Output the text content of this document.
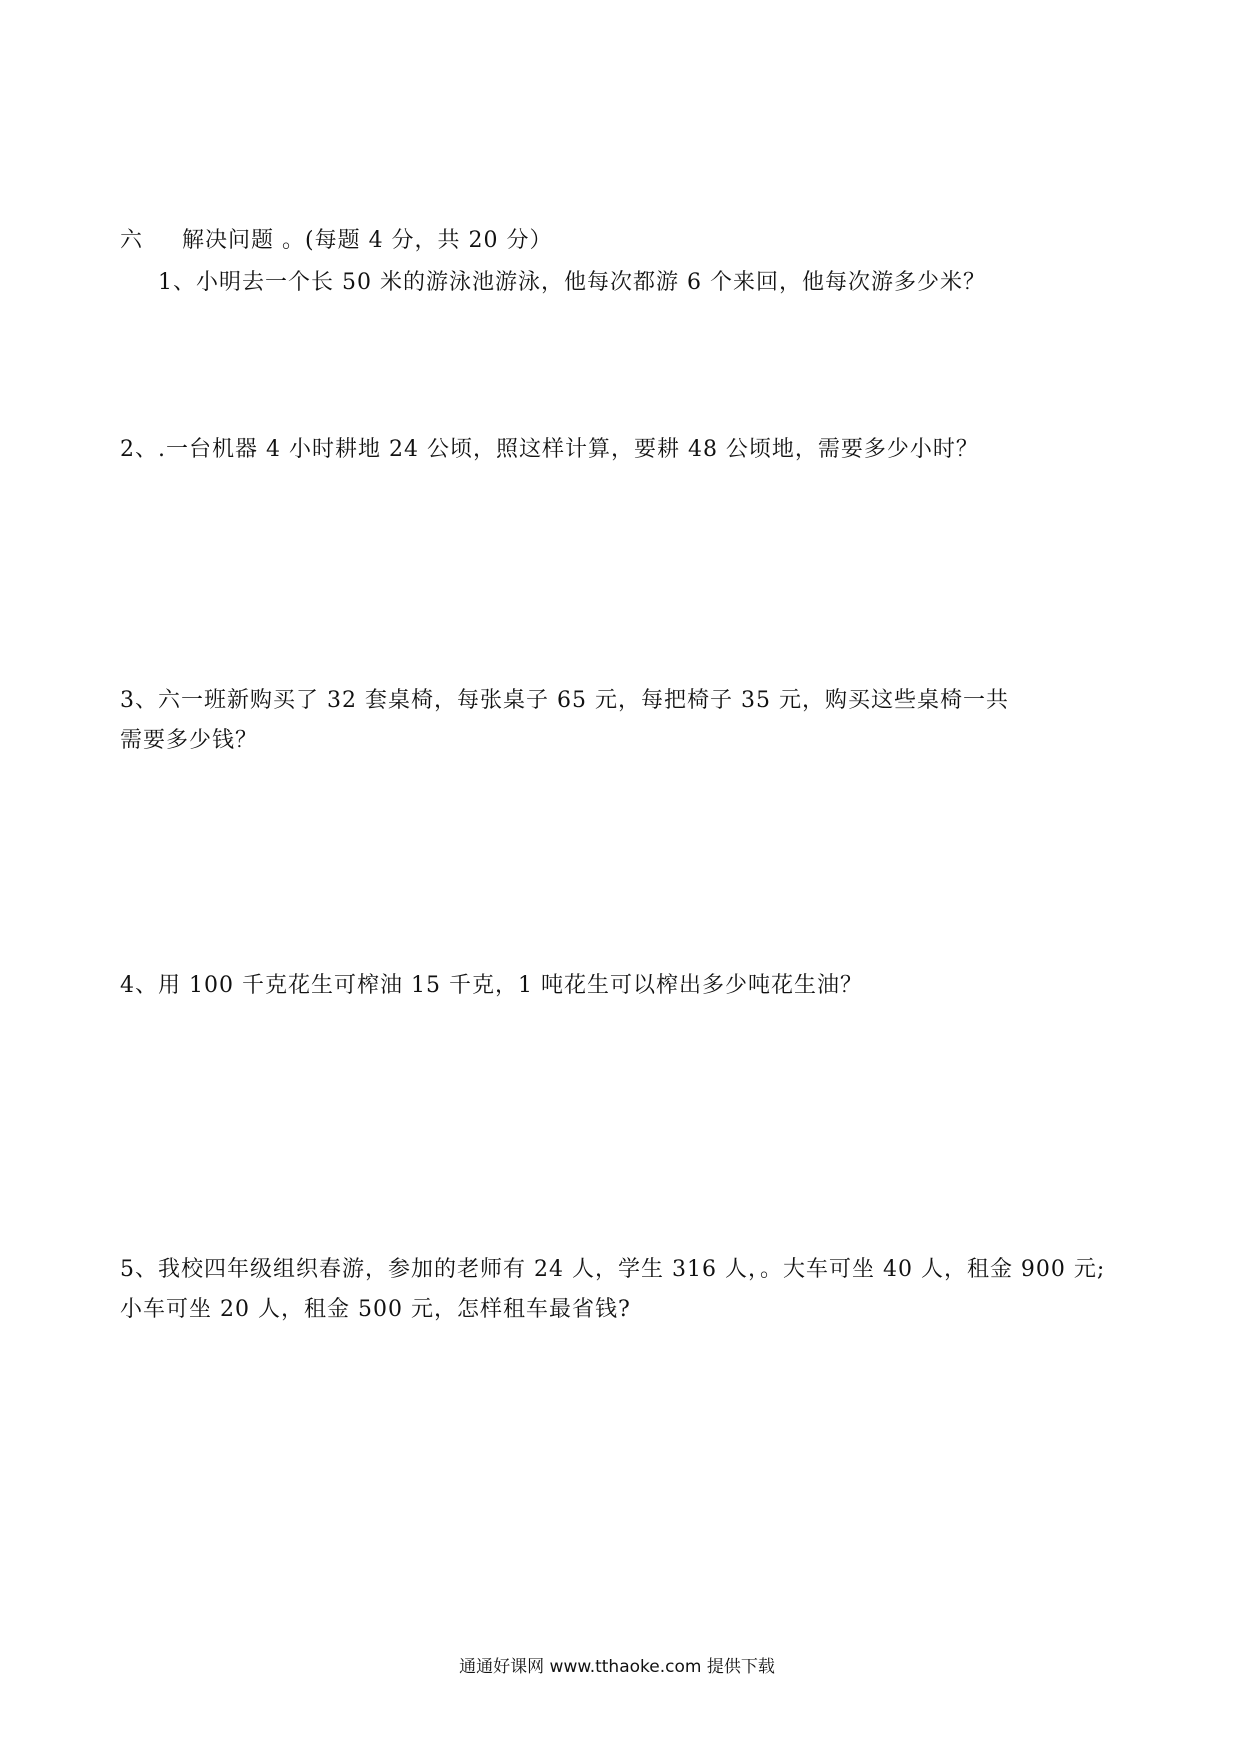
六 解决问题 。(每题 4 分，共 20 分）
1、小明去一个长 50 米的游泳池游泳，他每次都游 6 个来回，他每次游多少米？
2、.一台机器 4 小时耕地 24 公顷，照这样计算，要耕 48 公顷地，需要多少小时？
3、六一班新购买了 32 套桌椅，每张桌子 65 元，每把椅子 35 元，购买这些桌椅一共
需要多少钱？
4、用 100 千克花生可榨油 15 千克，1 吨花生可以榨出多少吨花生油？
5、我校四年级组织春游，参加的老师有 24 人，学生 316 人，。大车可坐 40 人，租金 900 元;
小车可坐 20 人，租金 500 元，怎样租车最省钱?
通通好课网 www.tthaoke.com 提供下载
